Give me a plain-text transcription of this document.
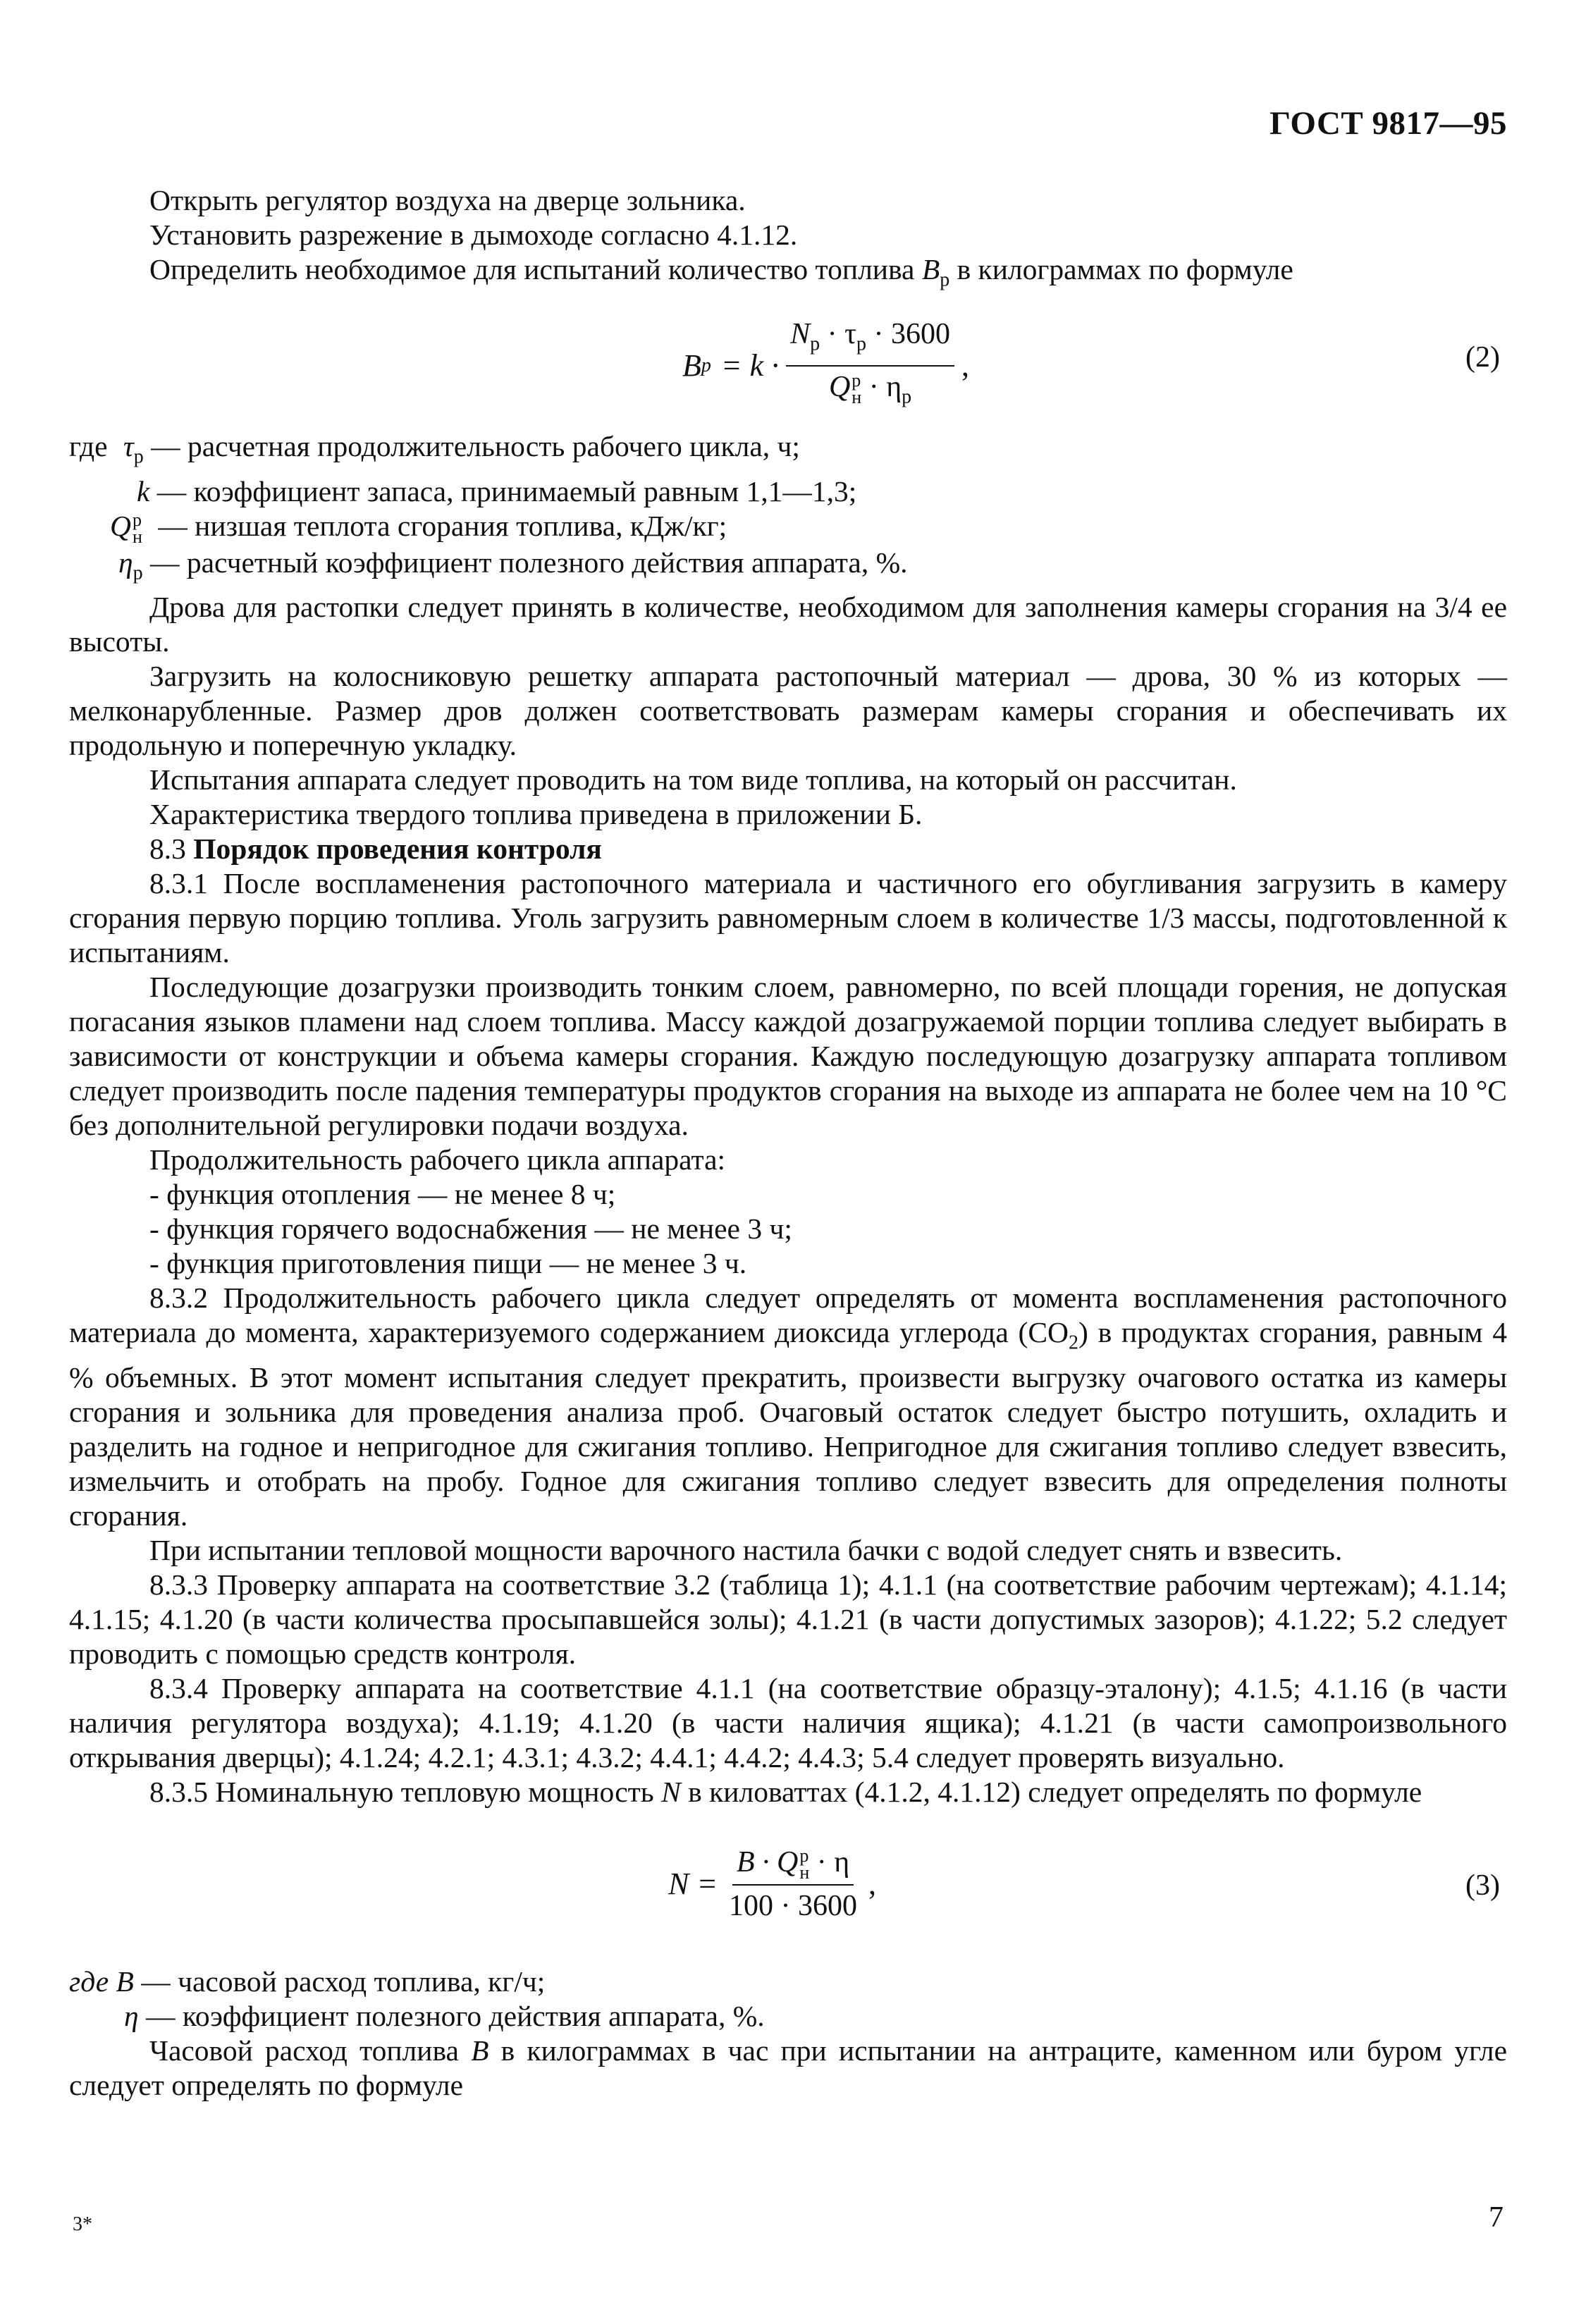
ГОСТ 9817—95

Открыть регулятор воздуха на дверце зольника.

Установить разрежение в дымоходе согласно 4.1.12.

Определить необходимое для испытаний количество топлива $B_р$ в килограммах по формуле

B $р = k \cdot N_р \cdot \tau_р \cdot 3600$
Q р
$н \cdot \eta_р$ ,	(2)
где $\tau_р$ — расчетная продолжительность рабочего цикла, ч;
k — коэффициент запаса, принимаемый равным 1,1—1,3;
Q р
н — низшая теплота сгорания топлива, кДж/кг;
$\eta_р$ — расчетный коэффициент полезного действия аппарата, %.

Дрова для растопки следует принять в количестве, необходимом для заполнения камеры сгорания на 3/4 ее высоты.

Загрузить на колосниковую решетку аппарата растопочный материал — дрова, 30 % из которых — мелконарубленные. Размер дров должен соответствовать размерам камеры сгорания и обеспечивать их продольную и поперечную укладку.

Испытания аппарата следует проводить на том виде топлива, на который он рассчитан.

Характеристика твердого топлива приведена в приложении Б.

8.3 Порядок проведения контроля

8.3.1 После воспламенения растопочного материала и частичного его обугливания загрузить в камеру сгорания первую порцию топлива. Уголь загрузить равномерным слоем в количестве 1/3 массы, подготовленной к испытаниям.

Последующие дозагрузки производить тонким слоем, равномерно, по всей площади горения, не допуская погасания языков пламени над слоем топлива. Массу каждой дозагружаемой порции топлива следует выбирать в зависимости от конструкции и объема камеры сгорания. Каждую последующую дозагрузку аппарата топливом следует производить после падения температуры продуктов сгорания на выходе из аппарата не более чем на 10 °С без дополнительной регулировки подачи воздуха.

Продолжительность рабочего цикла аппарата:

- функция отопления — не менее 8 ч;

- функция горячего водоснабжения — не менее 3 ч;

- функция приготовления пищи — не менее 3 ч.

8.3.2 Продолжительность рабочего цикла следует определять от момента воспламенения растопочного материала до момента, характеризуемого содержанием диоксида углерода $(СО_2)$ в продуктах сгорания, равным 4 % объемных. В этот момент испытания следует прекратить, произвести выгрузку очагового остатка из камеры сгорания и зольника для проведения анализа проб. Очаговый остаток следует быстро потушить, охладить и разделить на годное и непригодное для сжигания топливо. Непригодное для сжигания топливо следует взвесить, измельчить и отобрать на пробу. Годное для сжигания топливо следует взвесить для определения полноты сгорания.

При испытании тепловой мощности варочного настила бачки с водой следует снять и взвесить.

8.3.3 Проверку аппарата на соответствие 3.2 (таблица 1); 4.1.1 (на соответствие рабочим чертежам); 4.1.14; 4.1.15; 4.1.20 (в части количества просыпавшейся золы); 4.1.21 (в части допустимых зазоров); 4.1.22; 5.2 следует проводить с помощью средств контроля.

8.3.4 Проверку аппарата на соответствие 4.1.1 (на соответствие образцу-эталону); 4.1.5; 4.1.16 (в части наличия регулятора воздуха); 4.1.19; 4.1.20 (в части наличия ящика); 4.1.21 (в части самопроизвольного открывания дверцы); 4.1.24; 4.2.1; 4.3.1; 4.3.2; 4.4.1; 4.4.2; 4.4.3; 5.4 следует проверять визуально.

8.3.5 Номинальную тепловую мощность N в киловаттах (4.1.2, 4.1.12) следует определять по формуле

N = B · Q р
н · η
100 · 3600 ,	(3)
где B — часовой расход топлива, кг/ч;
η — коэффициент полезного действия аппарата, %.

Часовой расход топлива B в килограммах в час при испытании на антраците, каменном или буром угле следует определять по формуле

3*	7
